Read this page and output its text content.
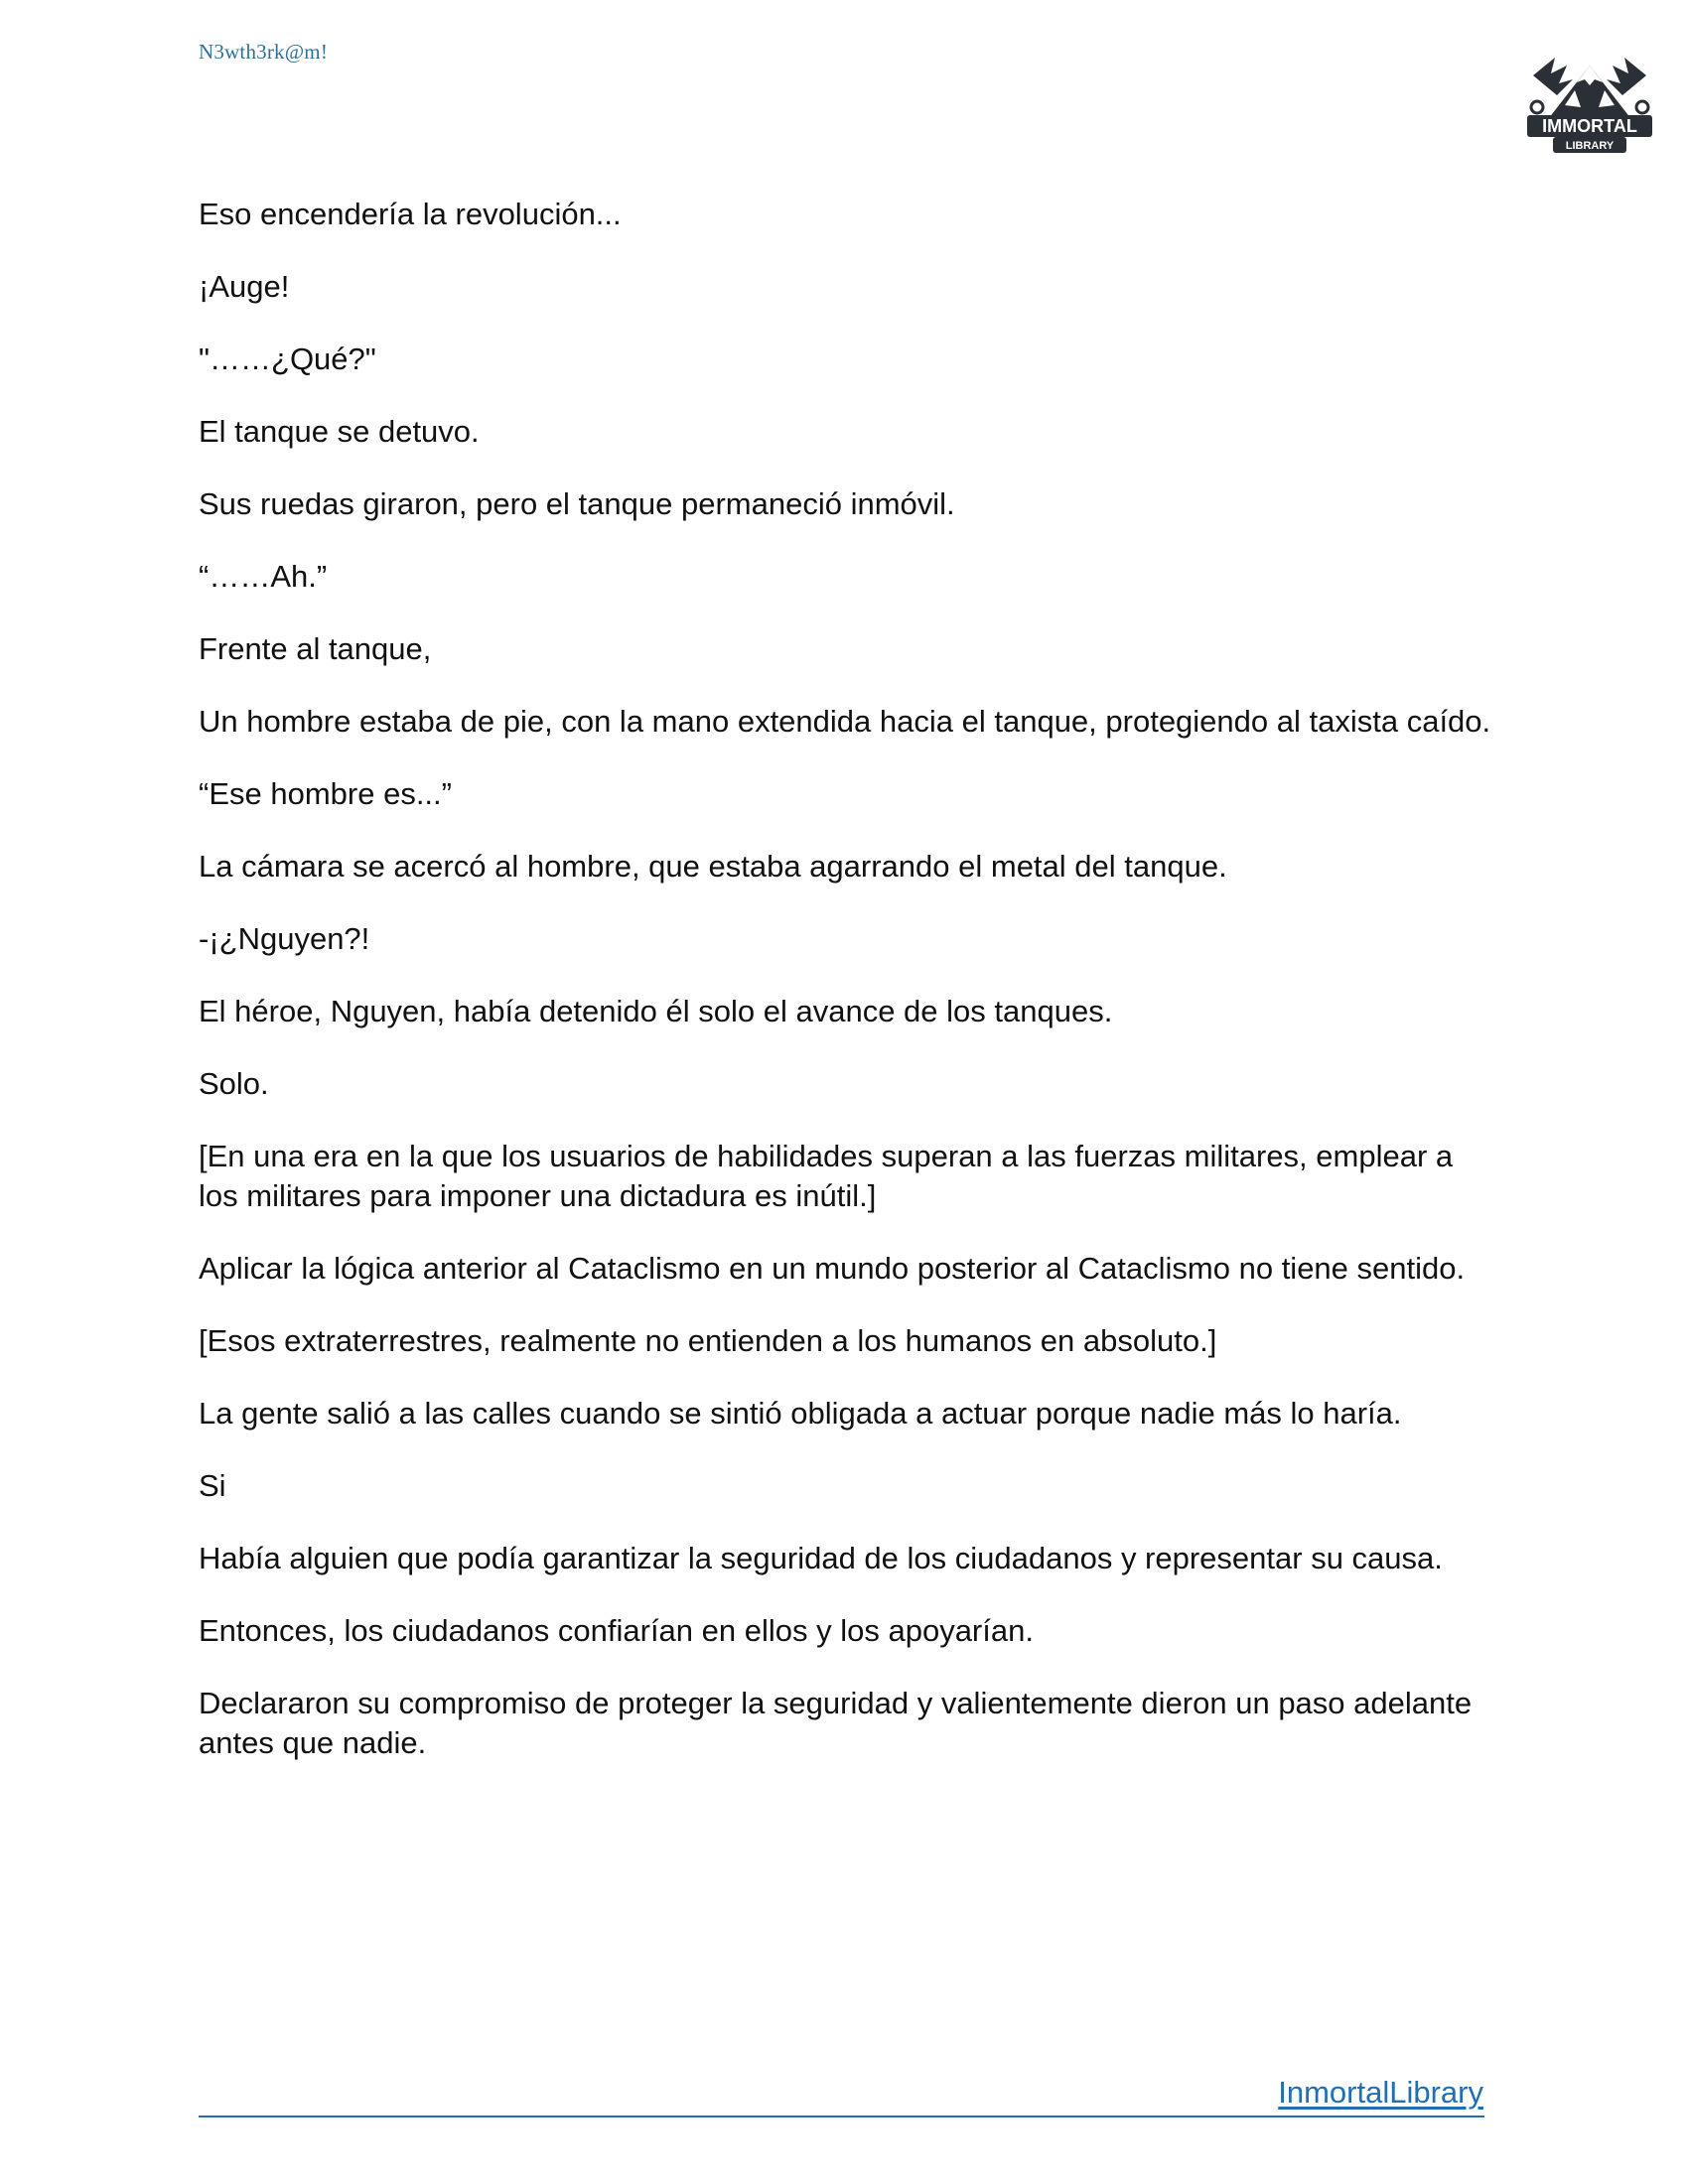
N3wth3rk@m!
IMMORTAL
LIBRARY

Eso encendería la revolución...

¡Auge!

"……¿Qué?"

El tanque se detuvo.

Sus ruedas giraron, pero el tanque permaneció inmóvil.

“……Ah.”

Frente al tanque,

Un hombre estaba de pie, con la mano extendida hacia el tanque, protegiendo al taxista caído.

“Ese hombre es...”

La cámara se acercó al hombre, que estaba agarrando el metal del tanque.

-¡¿Nguyen?!

El héroe, Nguyen, había detenido él solo el avance de los tanques.

Solo.

[En una era en la que los usuarios de habilidades superan a las fuerzas militares, emplear a los militares para imponer una dictadura es inútil.]

Aplicar la lógica anterior al Cataclismo en un mundo posterior al Cataclismo no tiene sentido.

[Esos extraterrestres, realmente no entienden a los humanos en absoluto.]

La gente salió a las calles cuando se sintió obligada a actuar porque nadie más lo haría.

Si

Había alguien que podía garantizar la seguridad de los ciudadanos y representar su causa.

Entonces, los ciudadanos confiarían en ellos y los apoyarían.

Declararon su compromiso de proteger la seguridad y valientemente dieron un paso adelante antes que nadie.

InmortalLibrary
